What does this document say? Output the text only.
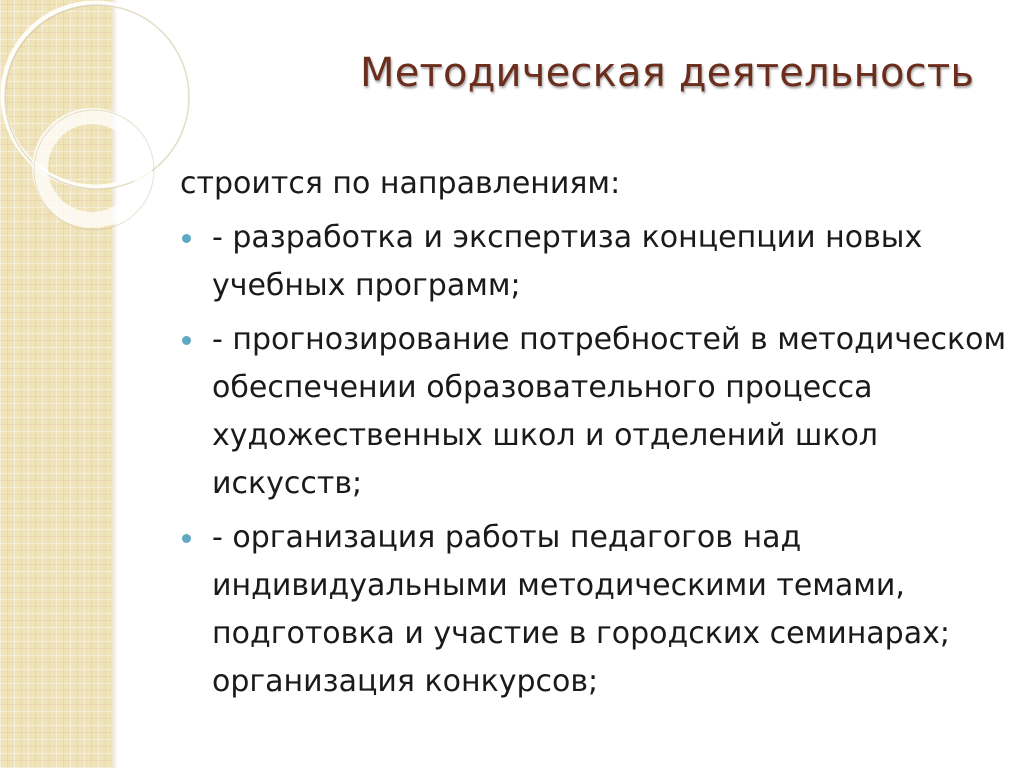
Методическая деятельность

строится по направлениям:

- разработка и экспертиза концепции новых учебных программ;
- прогнозирование потребностей в методическом обеспечении образовательного процесса художественных школ и отделений школ искусств;
- организация работы педагогов над индивидуальными методическими темами, подготовка и участие в городских семинарах; организация конкурсов;
